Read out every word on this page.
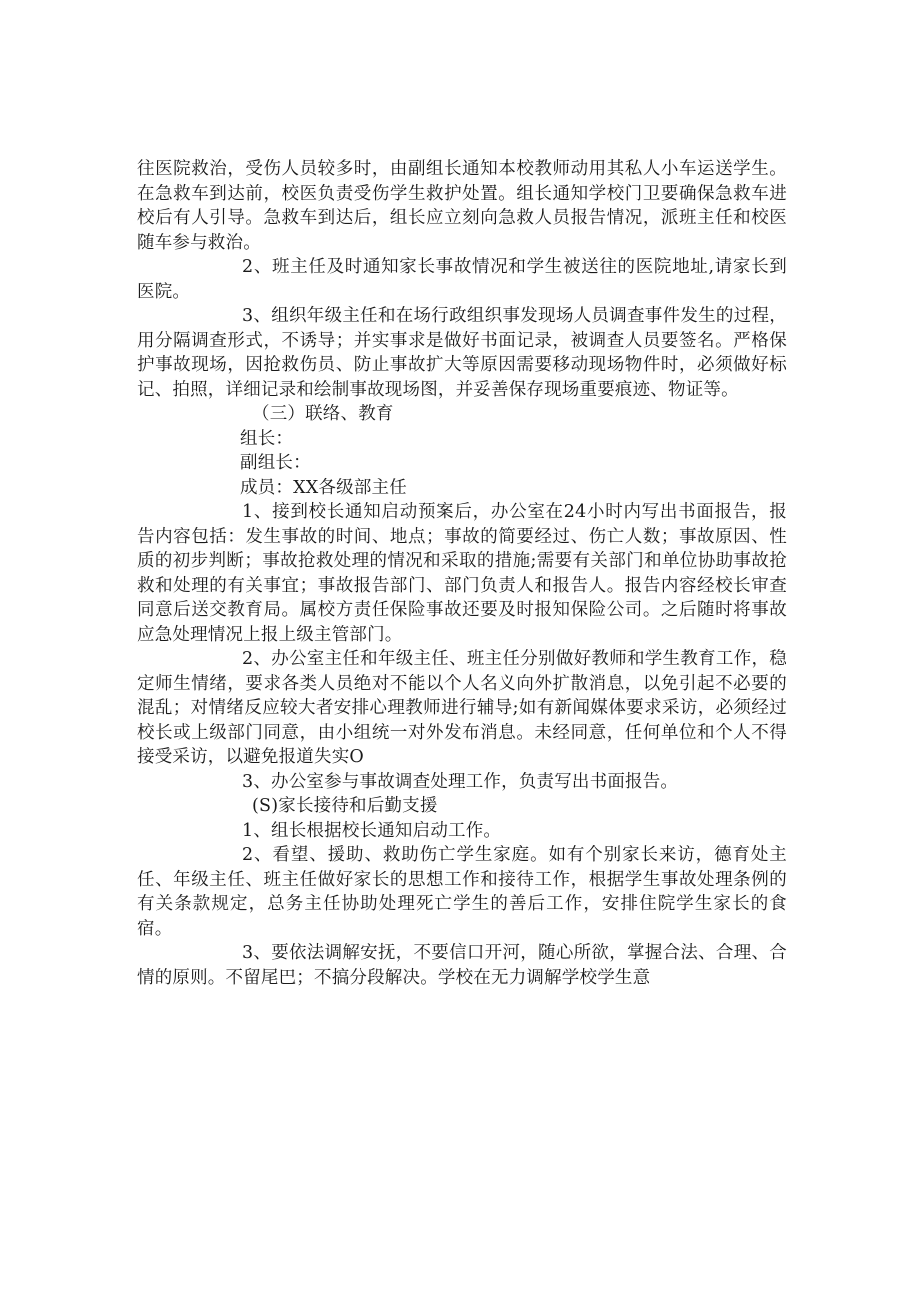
往医院救治，受伤人员较多时，由副组长通知本校教师动用其私人小车运送学生。在急救车到达前，校医负责受伤学生救护处置。组长通知学校门卫要确保急救车进校后有人引导。急救车到达后，组长应立刻向急救人员报告情况，派班主任和校医随车参与救治。

2、班主任及时通知家长事故情况和学生被送往的医院地址,请家长到医院。

3、组织年级主任和在场行政组织事发现场人员调查事件发生的过程，用分隔调查形式，不诱导；并实事求是做好书面记录，被调查人员要签名。严格保护事故现场，因抢救伤员、防止事故扩大等原因需要移动现场物件时，必须做好标记、拍照，详细记录和绘制事故现场图，并妥善保存现场重要痕迹、物证等。

（三）联络、教育

组长：

副组长：

成员：XX各级部主任

1、接到校长通知启动预案后，办公室在24小时内写出书面报告，报告内容包括：发生事故的时间、地点；事故的简要经过、伤亡人数；事故原因、性质的初步判断；事故抢救处理的情况和采取的措施;需要有关部门和单位协助事故抢救和处理的有关事宜；事故报告部门、部门负责人和报告人。报告内容经校长审查同意后送交教育局。属校方责任保险事故还要及时报知保险公司。之后随时将事故应急处理情况上报上级主管部门。

2、办公室主任和年级主任、班主任分别做好教师和学生教育工作，稳定师生情绪，要求各类人员绝对不能以个人名义向外扩散消息，以免引起不必要的混乱；对情绪反应较大者安排心理教师进行辅导;如有新闻媒体要求采访，必须经过校长或上级部门同意，由小组统一对外发布消息。未经同意，任何单位和个人不得接受采访，以避免报道失实O

3、办公室参与事故调查处理工作，负责写出书面报告。

(S)家长接待和后勤支援

1、组长根据校长通知启动工作。

2、看望、援助、救助伤亡学生家庭。如有个别家长来访，德育处主任、年级主任、班主任做好家长的思想工作和接待工作，根据学生事故处理条例的有关条款规定，总务主任协助处理死亡学生的善后工作，安排住院学生家长的食宿。

3、要依法调解安抚，不要信口开河，随心所欲，掌握合法、合理、合情的原则。不留尾巴；不搞分段解决。学校在无力调解学校学生意
